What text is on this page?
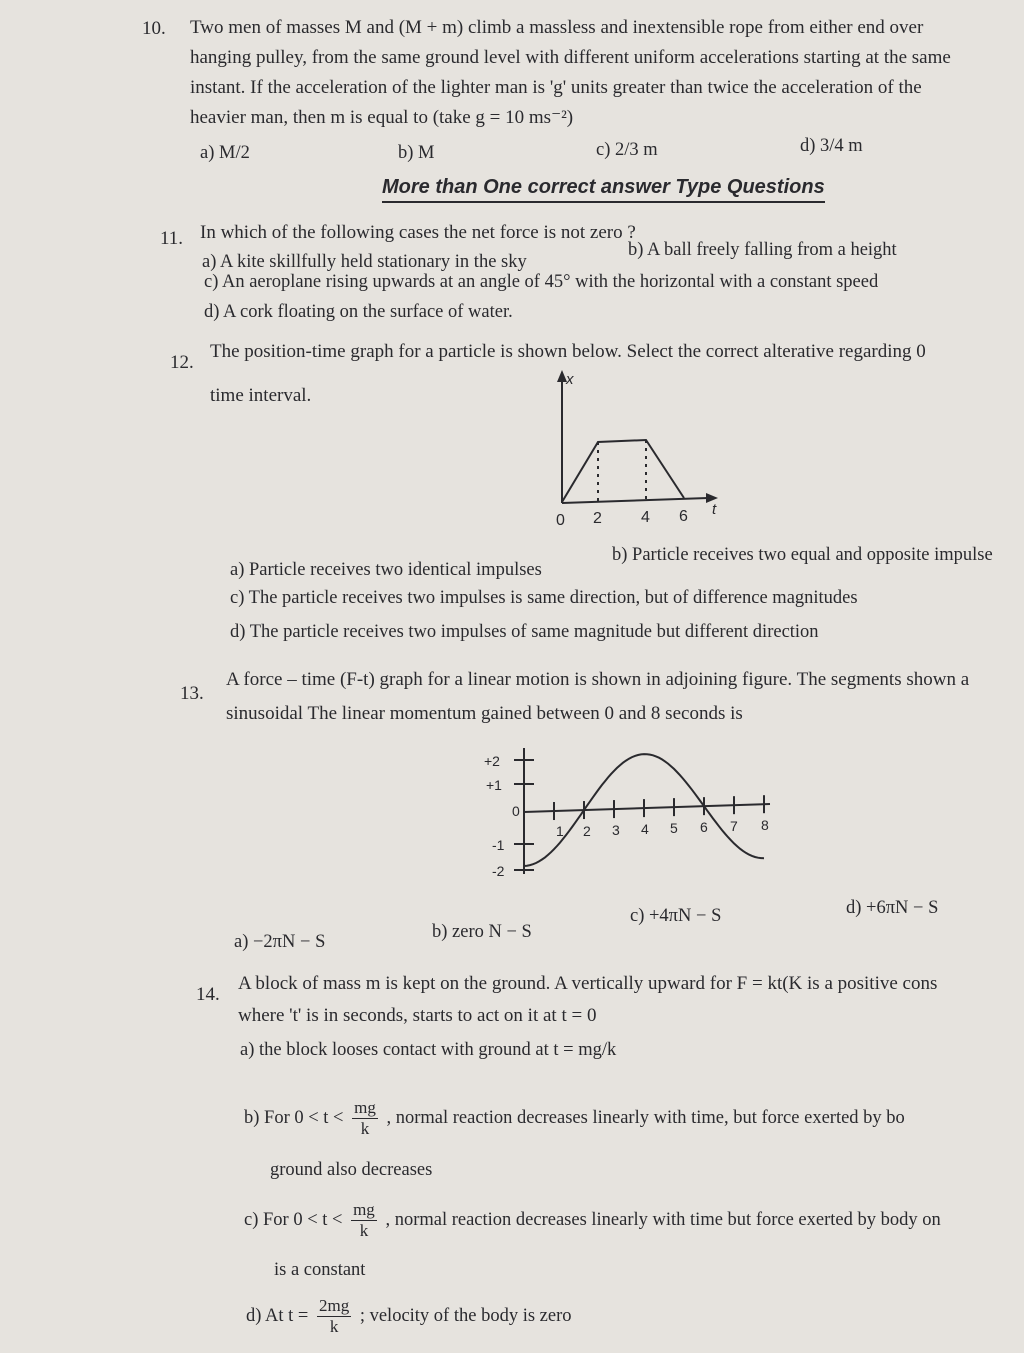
10. Two men of masses M and (M + m) climb a massless and inextensible rope from either end over
hanging pulley, from the same ground level with different uniform accelerations starting at the same
instant. If the acceleration of the lighter man is 'g' units greater than twice the acceleration of the
heavier man, then m is equal to (take g = 10 ms⁻²)
a) M/2	b) M	c) 2/3 m	d) 3/4 m
More than One correct answer Type Questions
11. In which of the following cases the net force is not zero ?
a) A kite skillfully held stationary in the sky
b) A ball freely falling from a height
c) An aeroplane rising upwards at an angle of 45° with the horizontal with a constant speed
d) A cork floating on the surface of water.
12.
The position-time graph for a particle is shown below. Select the correct alterative regarding 0
time interval.
x
t
0 2 4 6
a) Particle receives two identical impulses
b) Particle receives two equal and opposite impulse
c) The particle receives two impulses is same direction, but of difference magnitudes
d) The particle receives two impulses of same magnitude but different direction
13.
A force – time (F-t) graph for a linear motion is shown in adjoining figure. The segments shown a
sinusoidal The linear momentum gained between 0 and 8 seconds is
+2
+1
0
-1
-2
1 2 3 4 5 6 7 8
a) −2πN − S	b) zero N − S
c) +4πN − S	d) +6πN − S
14.
A block of mass m is kept on the ground. A vertically upward for F = kt(K is a positive cons
where 't' is in seconds, starts to act on it at t = 0
a) the block looses contact with ground at t = mg/k
b) For $0 < t < \frac{mg}{k}$ , normal reaction decreases linearly with time, but force exerted by bo
ground also decreases
c) For $0 < t < \frac{mg}{k}$ , normal reaction decreases linearly with time but force exerted by body on
is a constant
d) At $t = \frac{2mg}{k}$ ; velocity of the body is zero
